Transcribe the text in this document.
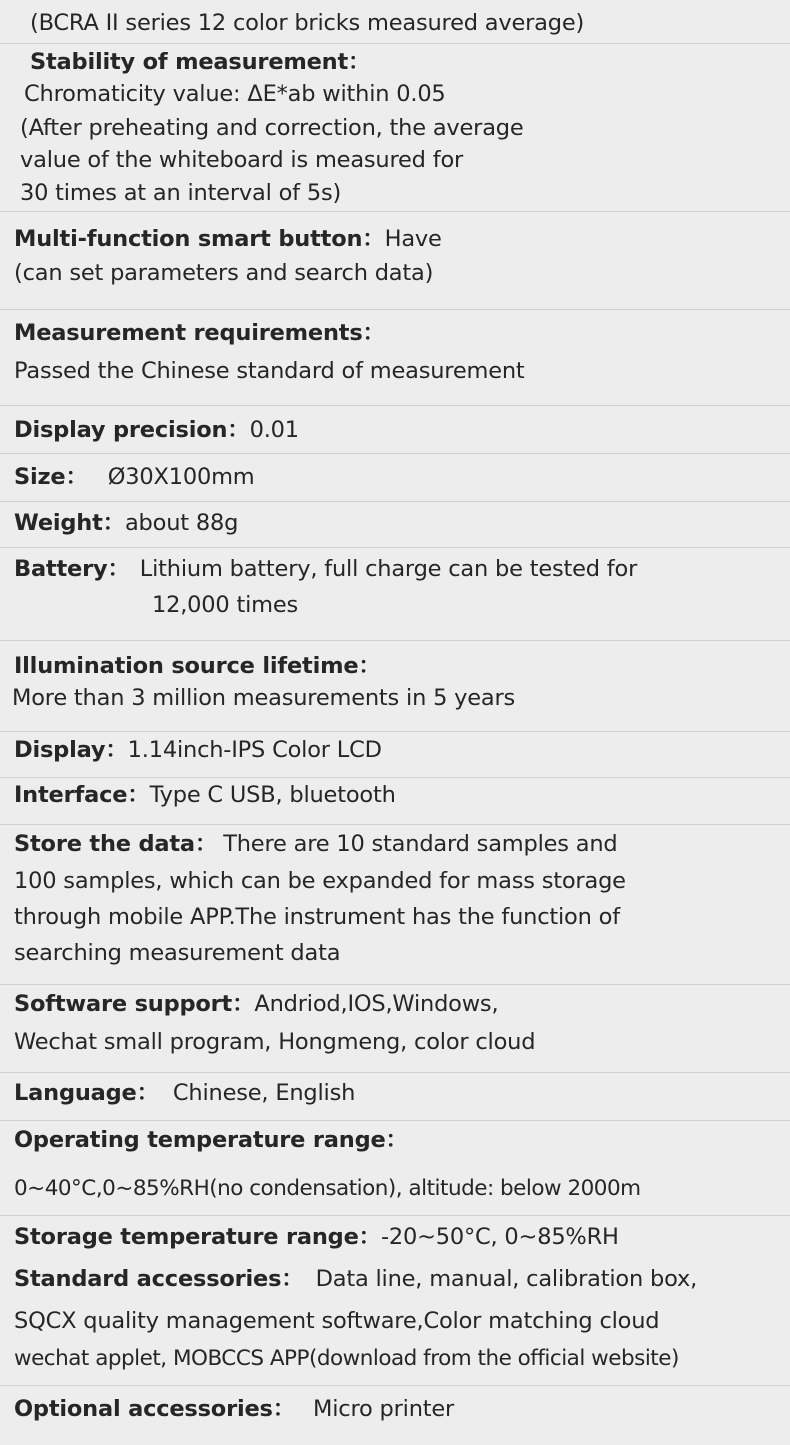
(BCRA II series 12 color bricks measured average)
Stability of measurement：
Chromaticity value: ΔE*ab within 0.05
(After preheating and correction, the average
value of the whiteboard is measured for
30 times at an interval of 5s)
Multi-function smart button：Have
(can set parameters and search data)
Measurement requirements：
Passed the Chinese standard of measurement
Display precision：0.01
Size： Ø30X100mm
Weight：about 88g
Battery： Lithium battery, full charge can be tested for
12,000 times
Illumination source lifetime：
More than 3 million measurements in 5 years
Display：1.14inch-IPS Color LCD
Interface：Type C USB, bluetooth
Store the data： There are 10 standard samples and
100 samples, which can be expanded for mass storage
through mobile APP.The instrument has the function of
searching measurement data
Software support：Andriod,IOS,Windows,
Wechat small program, Hongmeng, color cloud
Language： Chinese, English
Operating temperature range：
0~40°C,0~85%RH(no condensation), altitude: below 2000m
Storage temperature range：-20~50°C, 0~85%RH
Standard accessories： Data line, manual, calibration box,
SQCX quality management software,Color matching cloud
wechat applet, MOBCCS APP(download from the official website)
Optional accessories： Micro printer
